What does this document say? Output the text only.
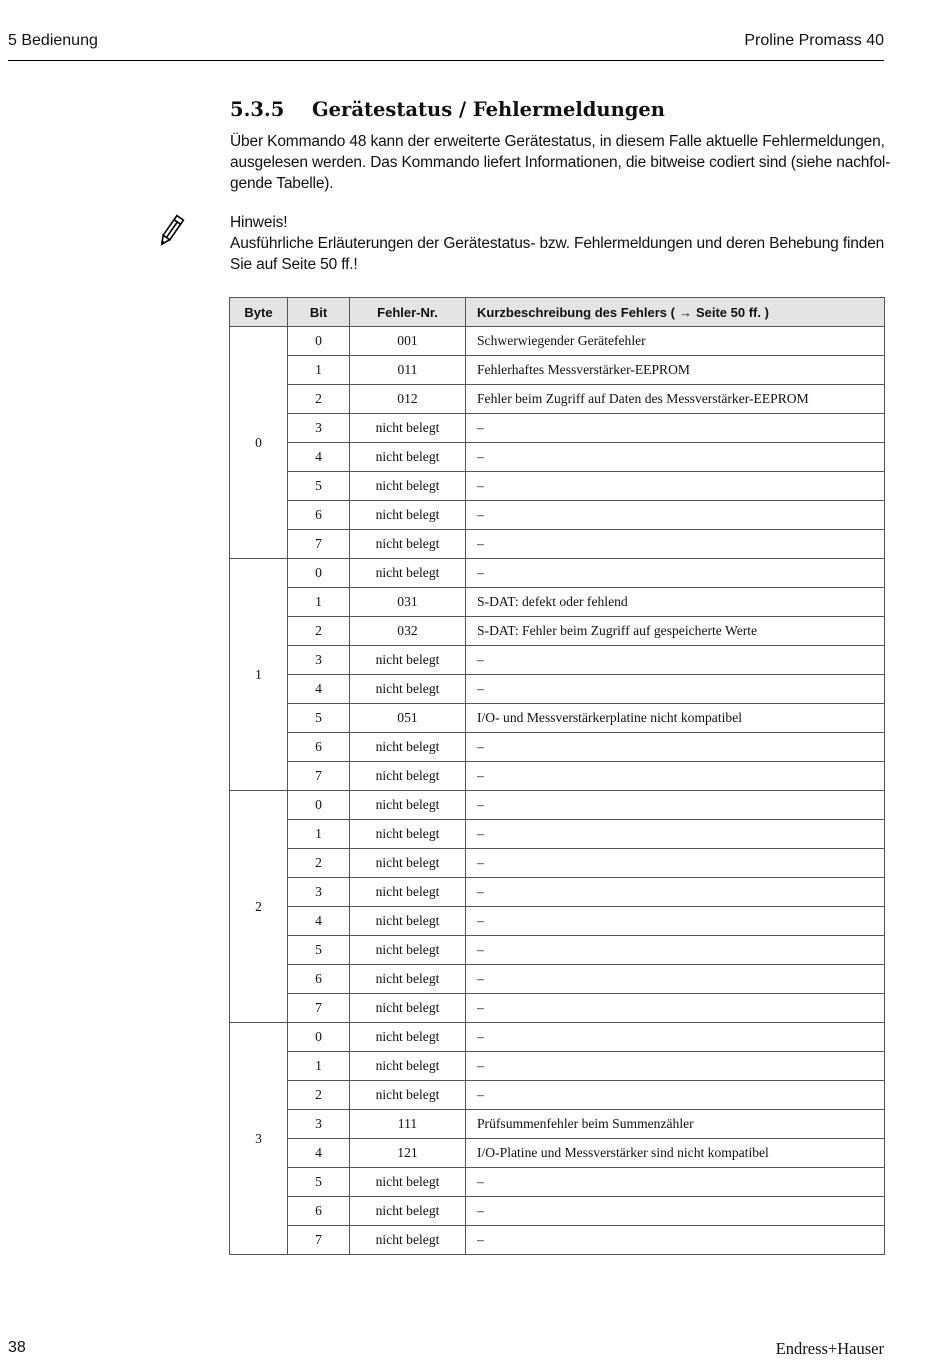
5 Bedienung	Proline Promass 40
5.3.5 Gerätestatus / Fehlermeldungen

Über Kommando 48 kann der erweiterte Gerätestatus, in diesem Falle aktuelle Fehlermeldungen,
ausgelesen werden. Das Kommando liefert Informationen, die bitweise codiert sind (siehe nachfol-
gende Tabelle).

Hinweis!
Ausführliche Erläuterungen der Gerätestatus- bzw. Fehlermeldungen und deren Behebung finden
Sie auf Seite 50 ff.!
Byte	Bit	Fehler-Nr.	Kurzbeschreibung des Fehlers ( → Seite 50 ff. )
0	0	001	Schwerwiegender Gerätefehler
	1	011	Fehlerhaftes Messverstärker-EEPROM
	2	012	Fehler beim Zugriff auf Daten des Messverstärker-EEPROM
	3	nicht belegt	–
	4	nicht belegt	–
	5	nicht belegt	–
	6	nicht belegt	–
	7	nicht belegt	–
1	0	nicht belegt	–
	1	031	S-DAT: defekt oder fehlend
	2	032	S-DAT: Fehler beim Zugriff auf gespeicherte Werte
	3	nicht belegt	–
	4	nicht belegt	–
	5	051	I/O- und Messverstärkerplatine nicht kompatibel
	6	nicht belegt	–
	7	nicht belegt	–
2	0	nicht belegt	–
	1	nicht belegt	–
	2	nicht belegt	–
	3	nicht belegt	–
	4	nicht belegt	–
	5	nicht belegt	–
	6	nicht belegt	–
	7	nicht belegt	–
3	0	nicht belegt	–
	1	nicht belegt	–
	2	nicht belegt	–
	3	111	Prüfsummenfehler beim Summenzähler
	4	121	I/O-Platine und Messverstärker sind nicht kompatibel
	5	nicht belegt	–
	6	nicht belegt	–
	7	nicht belegt	–
38	Endress+Hauser
